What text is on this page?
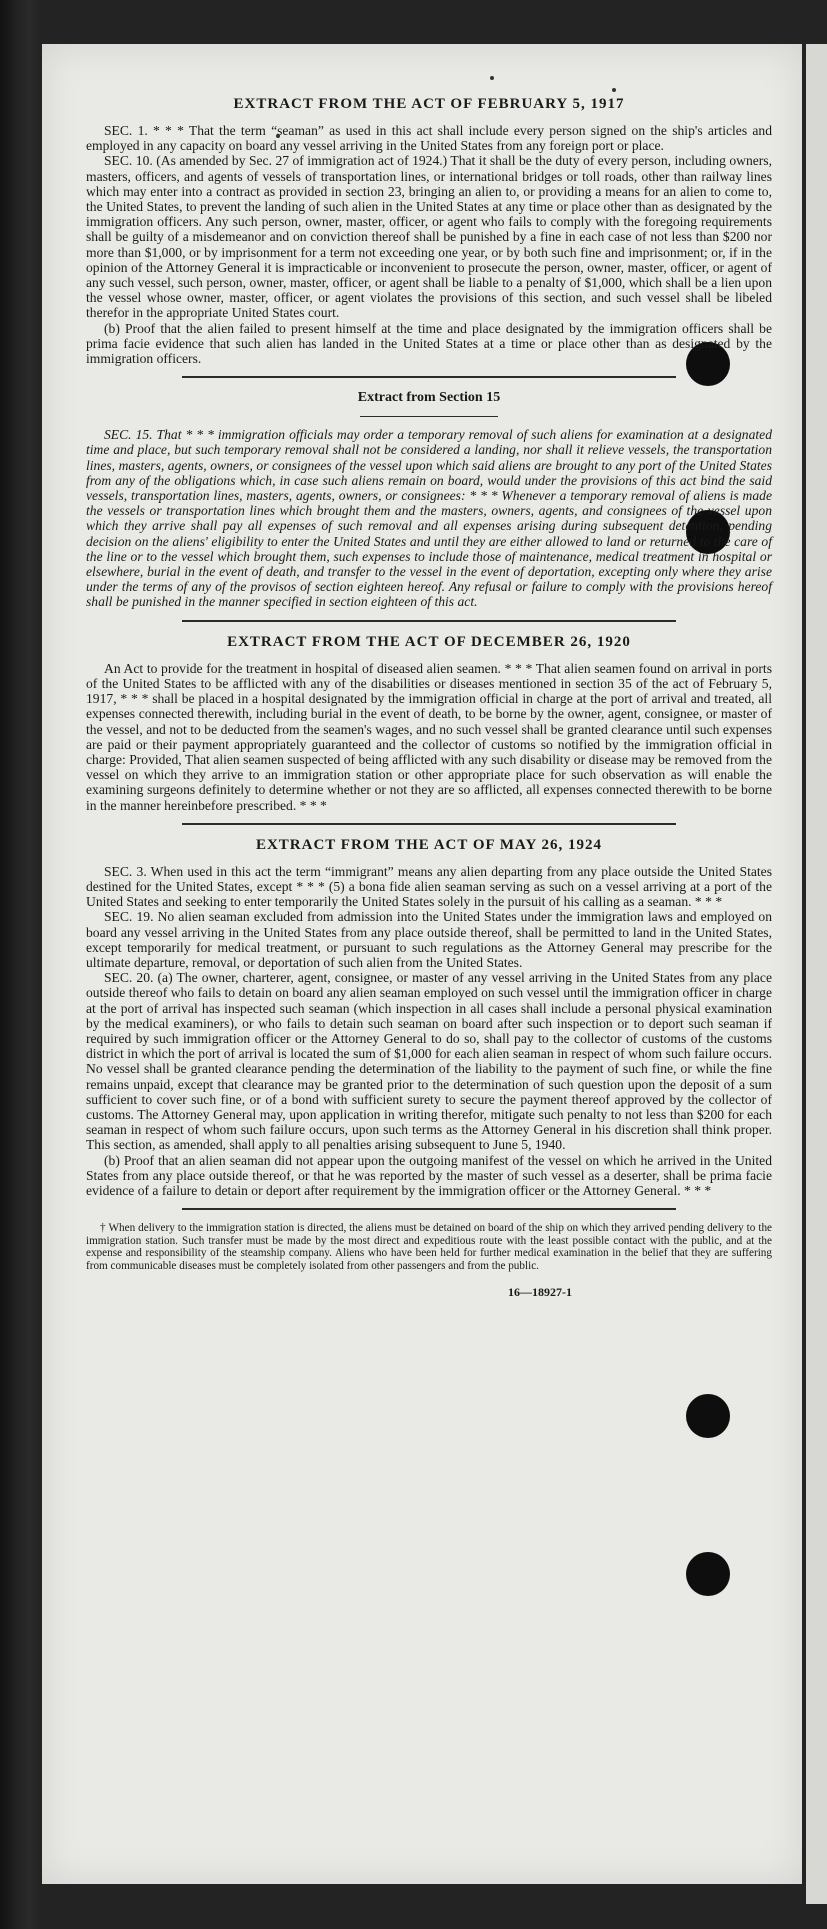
EXTRACT FROM THE ACT OF FEBRUARY 5, 1917

SEC. 1. * * * That the term “seaman” as used in this act shall include every person signed on the ship's articles and employed in any capacity on board any vessel arriving in the United States from any foreign port or place.

SEC. 10. (As amended by Sec. 27 of immigration act of 1924.) That it shall be the duty of every person, including owners, masters, officers, and agents of vessels of transportation lines, or international bridges or toll roads, other than railway lines which may enter into a contract as provided in section 23, bringing an alien to, or providing a means for an alien to come to, the United States, to prevent the landing of such alien in the United States at any time or place other than as designated by the immigration officers. Any such person, owner, master, officer, or agent who fails to comply with the foregoing requirements shall be guilty of a misdemeanor and on conviction thereof shall be punished by a fine in each case of not less than $200 nor more than $1,000, or by imprisonment for a term not exceeding one year, or by both such fine and imprisonment; or, if in the opinion of the Attorney General it is impracticable or inconvenient to prosecute the person, owner, master, officer, or agent of any such vessel, such person, owner, master, officer, or agent shall be liable to a penalty of $1,000, which shall be a lien upon the vessel whose owner, master, officer, or agent violates the provisions of this section, and such vessel shall be libeled therefor in the appropriate United States court.

(b) Proof that the alien failed to present himself at the time and place designated by the immigration officers shall be prima facie evidence that such alien has landed in the United States at a time or place other than as designated by the immigration officers.

Extract from Section 15

SEC. 15. That * * * immigration officials may order a temporary removal of such aliens for examination at a designated time and place, but such temporary removal shall not be considered a landing, nor shall it relieve vessels, the transportation lines, masters, agents, owners, or consignees of the vessel upon which said aliens are brought to any port of the United States from any of the obligations which, in case such aliens remain on board, would under the provisions of this act bind the said vessels, transportation lines, masters, agents, owners, or consignees: * * * Whenever a temporary removal of aliens is made the vessels or transportation lines which brought them and the masters, owners, agents, and consignees of the vessel upon which they arrive shall pay all expenses of such removal and all expenses arising during subsequent detention, pending decision on the aliens' eligibility to enter the United States and until they are either allowed to land or returned to the care of the line or to the vessel which brought them, such expenses to include those of maintenance, medical treatment in hospital or elsewhere, burial in the event of death, and transfer to the vessel in the event of deportation, excepting only where they arise under the terms of any of the provisos of section eighteen hereof. Any refusal or failure to comply with the provisions hereof shall be punished in the manner specified in section eighteen of this act.

EXTRACT FROM THE ACT OF DECEMBER 26, 1920

An Act to provide for the treatment in hospital of diseased alien seamen. * * * That alien seamen found on arrival in ports of the United States to be afflicted with any of the disabilities or diseases mentioned in section 35 of the act of February 5, 1917, * * * shall be placed in a hospital designated by the immigration official in charge at the port of arrival and treated, all expenses connected therewith, including burial in the event of death, to be borne by the owner, agent, consignee, or master of the vessel, and not to be deducted from the seamen's wages, and no such vessel shall be granted clearance until such expenses are paid or their payment appropriately guaranteed and the collector of customs so notified by the immigration official in charge: Provided, That alien seamen suspected of being afflicted with any such disability or disease may be removed from the vessel on which they arrive to an immigration station or other appropriate place for such observation as will enable the examining surgeons definitely to determine whether or not they are so afflicted, all expenses connected therewith to be borne in the manner hereinbefore prescribed. * * *

EXTRACT FROM THE ACT OF MAY 26, 1924

SEC. 3. When used in this act the term “immigrant” means any alien departing from any place outside the United States destined for the United States, except * * * (5) a bona fide alien seaman serving as such on a vessel arriving at a port of the United States and seeking to enter temporarily the United States solely in the pursuit of his calling as a seaman. * * *

SEC. 19. No alien seaman excluded from admission into the United States under the immigration laws and employed on board any vessel arriving in the United States from any place outside thereof, shall be permitted to land in the United States, except temporarily for medical treatment, or pursuant to such regulations as the Attorney General may prescribe for the ultimate departure, removal, or deportation of such alien from the United States.

SEC. 20. (a) The owner, charterer, agent, consignee, or master of any vessel arriving in the United States from any place outside thereof who fails to detain on board any alien seaman employed on such vessel until the immigration officer in charge at the port of arrival has inspected such seaman (which inspection in all cases shall include a personal physical examination by the medical examiners), or who fails to detain such seaman on board after such inspection or to deport such seaman if required by such immigration officer or the Attorney General to do so, shall pay to the collector of customs of the customs district in which the port of arrival is located the sum of $1,000 for each alien seaman in respect of whom such failure occurs. No vessel shall be granted clearance pending the determination of the liability to the payment of such fine, or while the fine remains unpaid, except that clearance may be granted prior to the determination of such question upon the deposit of a sum sufficient to cover such fine, or of a bond with sufficient surety to secure the payment thereof approved by the collector of customs. The Attorney General may, upon application in writing therefor, mitigate such penalty to not less than $200 for each seaman in respect of whom such failure occurs, upon such terms as the Attorney General in his discretion shall think proper. This section, as amended, shall apply to all penalties arising subsequent to June 5, 1940.

(b) Proof that an alien seaman did not appear upon the outgoing manifest of the vessel on which he arrived in the United States from any place outside thereof, or that he was reported by the master of such vessel as a deserter, shall be prima facie evidence of a failure to detain or deport after requirement by the immigration officer or the Attorney General. * * *

† When delivery to the immigration station is directed, the aliens must be detained on board of the ship on which they arrived pending delivery to the immigration station. Such transfer must be made by the most direct and expeditious route with the least possible contact with the public, and at the expense and responsibility of the steamship company. Aliens who have been held for further medical examination in the belief that they are suffering from communicable diseases must be completely isolated from other passengers and from the public.

16—18927-1
